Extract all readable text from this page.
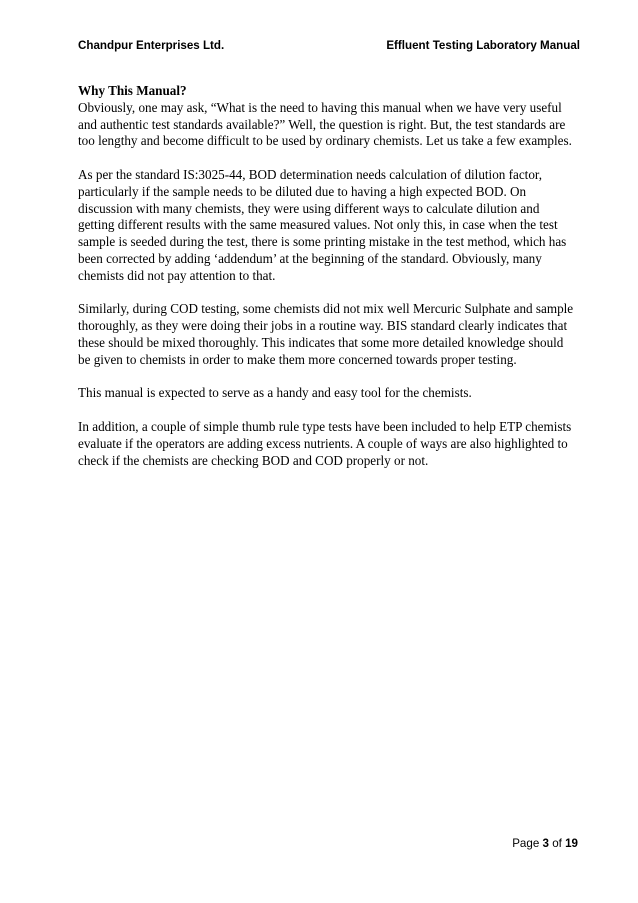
Chandpur Enterprises Ltd.	Effluent Testing Laboratory Manual

Why This Manual?

Obviously, one may ask, “What is the need to having this manual when we have very useful and authentic test standards available?” Well, the question is right. But, the test standards are too lengthy and become difficult to be used by ordinary chemists. Let us take a few examples.

As per the standard IS:3025-44, BOD determination needs calculation of dilution factor, particularly if the sample needs to be diluted due to having a high expected BOD. On discussion with many chemists, they were using different ways to calculate dilution and getting different results with the same measured values. Not only this, in case when the test sample is seeded during the test, there is some printing mistake in the test method, which has been corrected by adding ‘addendum’ at the beginning of the standard. Obviously, many chemists did not pay attention to that.

Similarly, during COD testing, some chemists did not mix well Mercuric Sulphate and sample thoroughly, as they were doing their jobs in a routine way. BIS standard clearly indicates that these should be mixed thoroughly. This indicates that some more detailed knowledge should be given to chemists in order to make them more concerned towards proper testing.

This manual is expected to serve as a handy and easy tool for the chemists.

In addition, a couple of simple thumb rule type tests have been included to help ETP chemists evaluate if the operators are adding excess nutrients. A couple of ways are also highlighted to check if the chemists are checking BOD and COD properly or not.

Page 3 of 19
